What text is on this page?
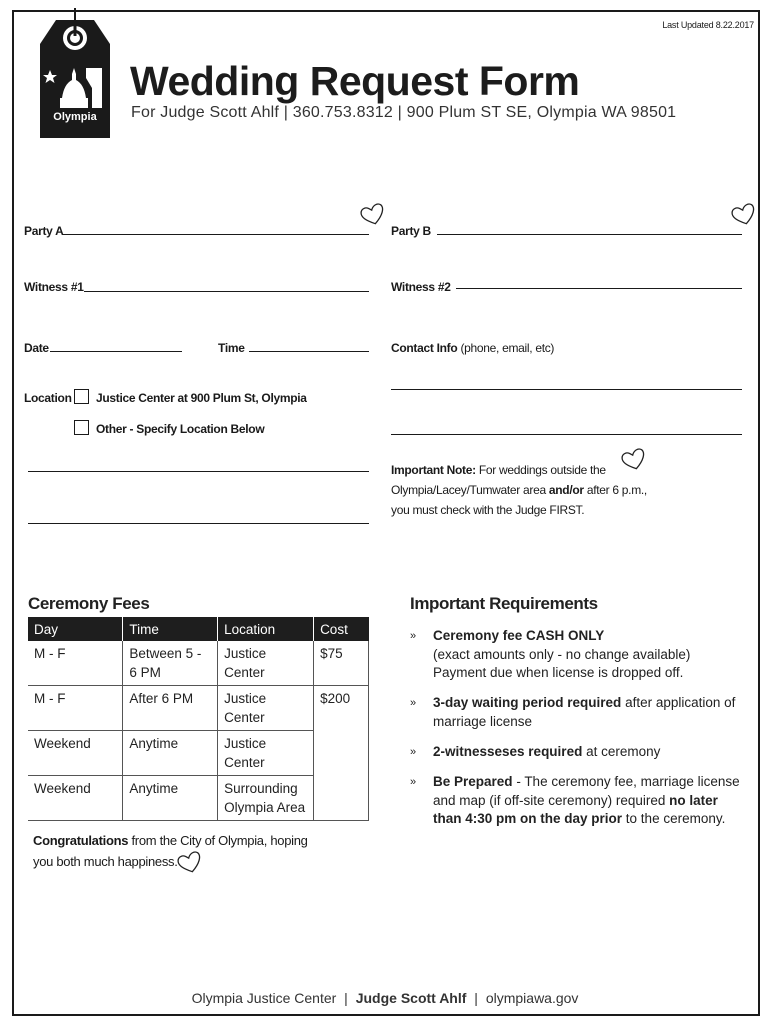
Olympia
Last Updated 8.22.2017
Wedding Request Form
For Judge Scott Ahlf | 360.753.8312 | 900 Plum ST SE, Olympia WA 98501
Party A	Party B
Witness #1	Witness #2
Date	Time	Contact Info (phone, email, etc)
Location Justice Center at 900 Plum St, Olympia
Other - Specify Location Below
Important Note: For weddings outside the Olympia/Lacey/Tumwater area and/or after 6 p.m., you must check with the Judge FIRST.
Ceremony Fees
Day	Time	Location	Cost
M - F	Between 5 - 6 PM	Justice Center	$75
M - F	After 6 PM	Justice Center	$200
Weekend	Anytime	Justice Center	
Weekend	Anytime	Surrounding Olympia Area	
Important Requirements
» Ceremony fee CASH ONLY
(exact amounts only - no change available) Payment due when license is dropped off.
» 3-day waiting period required after application of marriage license
» 2-witnesseses required at ceremony
» Be Prepared - The ceremony fee, marriage license and map (if off-site ceremony) required no later than 4:30 pm on the day prior to the ceremony.
Congratulations from the City of Olympia, hoping you both much happiness.
Olympia Justice Center | Judge Scott Ahlf | olympiawa.gov
